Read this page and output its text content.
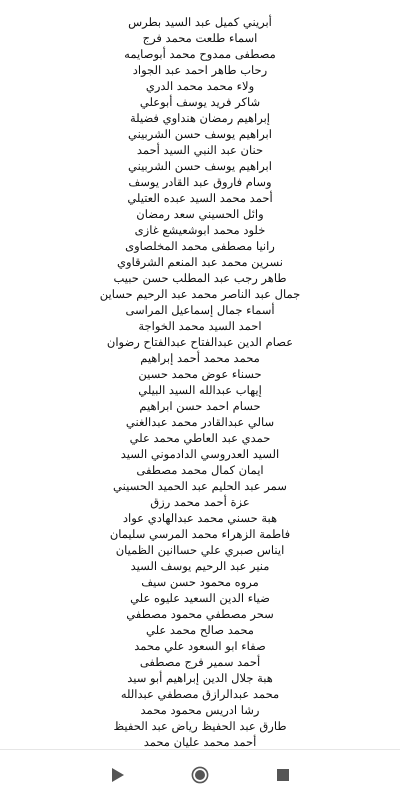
أبريني كميل عبد السيد بطرس
اسماء طلعت محمد فرج
مصطفى ممدوح محمد أبوصايمه
رحاب طاهر احمد عبد الجواد
ولاء محمد محمد الدري
شاكر فريد يوسف أبوعلي
إبراهيم رمضان هنداوي فضيلة
ابراهيم يوسف حسن الشربيني
حنان عبد النبي السيد أحمد
ابراهيم يوسف حسن الشربيني
وسام فاروق عبد القادر يوسف
أحمد محمد السيد عبده العتيلي
وائل الحسيني سعد رمضان
خلود محمد ابوشعيشع غازى
رانيا مصطفى محمد المخلصاوى
نسرين محمد عبد المنعم الشرقاوي
طاهر رجب عبد المطلب حسن حبيب
جمال عبد الناصر محمد عبد الرحيم حساين
أسماء جمال إسماعيل المراسى
احمد السيد محمد الخواجة
عصام الدين عبدالفتاح عبدالفتاح رضوان
محمد محمد أحمد إبراهيم
حسناء عوض محمد حسين
إيهاب عبدالله السيد البيلي
حسام احمد حسن ابراهيم
سالي عبدالقادر محمد عبدالغني
حمدي عبد العاطي محمد علي
السيد العدروسي الدادموني السيد
ايمان كمال محمد مصطفى
سمر عبد الحليم عبد الحميد الحسيني
عزة أحمد محمد رزق
هبة حسني محمد عبدالهادي عواد
فاطمة الزهراء محمد المرسي سليمان
ايناس صبري علي حساانين الظميان
منير عبد الرحيم يوسف السيد
مروه محمود حسن سيف
ضياء الدين السعيد عليوه علي
سحر مصطفي محمود مصطفي
محمد صالح محمد علي
صفاء ابو السعود علي محمد
أحمد سمير فرج مصطفى
هبة جلال الدين إبراهيم أبو سيد
محمد عبدالرازق مصطفي عبدالله
رشا ادريس محمود محمد
طارق عبد الحفيظ رياض عبد الحفيظ
أحمد محمد عليان محمد
